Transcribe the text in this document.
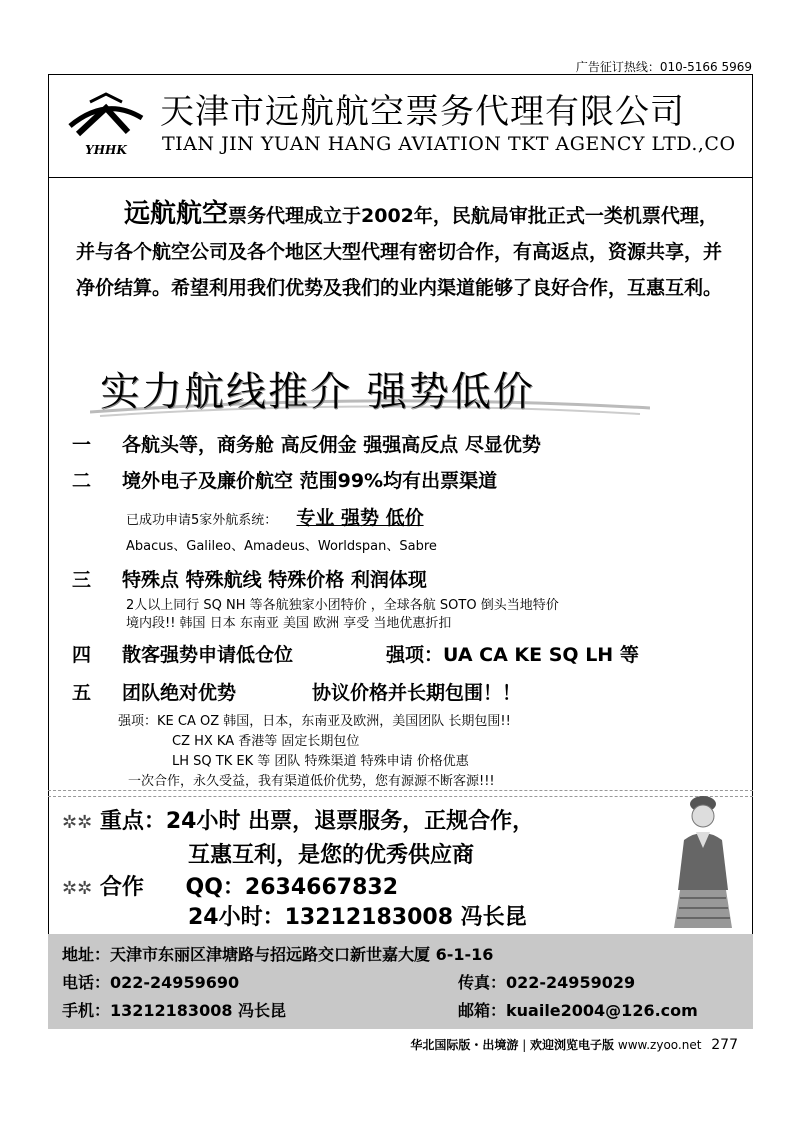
广告征订热线：010-5166 5969
YHHK
天津市远航航空票务代理有限公司
TIAN JIN YUAN HANG AVIATION TKT AGENCY LTD.,CO
远航航空票务代理成立于2002年，民航局审批正式一类机票代理，并与各个航空公司及各个地区大型代理有密切合作，有高返点，资源共享，并净价结算。希望利用我们优势及我们的业内渠道能够了良好合作，互惠互利。
实力航线推介 强势低价
一 各航头等，商务舱 高反佣金 强强高反点 尽显优势
二 境外电子及廉价航空 范围99%均有出票渠道
已成功申请5家外航系统： 专业 强势 低价
Abacus、Galileo、Amadeus、Worldspan、Sabre
三 特殊点 特殊航线 特殊价格 利润体现
2人以上同行 SQ NH 等各航独家小团特价 ，全球各航 SOTO 倒头当地特价
境内段!! 韩国 日本 东南亚 美国 欧洲 享受 当地优惠折扣
四 散客强势申请低仓位	强项：UA CA KE SQ LH 等
五 团队绝对优势	协议价格并长期包围！！
强项：KE CA OZ 韩国，日本，东南亚及欧洲，美国团队 长期包围!!
CZ HX KA 香港等 固定长期包位
LH SQ TK EK 等 团队 特殊渠道 特殊申请 价格优惠
一次合作，永久受益，我有渠道低价优势，您有源源不断客源!!!
✲✲ 重点：24小时 出票，退票服务，正规合作，
互惠互利，是您的优秀供应商
✲✲ 合作 QQ：2634667832
24小时：13212183008 冯长昆
地址：天津市东丽区津塘路与招远路交口新世嘉大厦 6-1-16
电话：022-24959690	传真：022-24959029
手机：13212183008 冯长昆	邮箱：kuaile2004@126.com
华北国际版・出境游 | 欢迎浏览电子版 www.zyoo.net 277
